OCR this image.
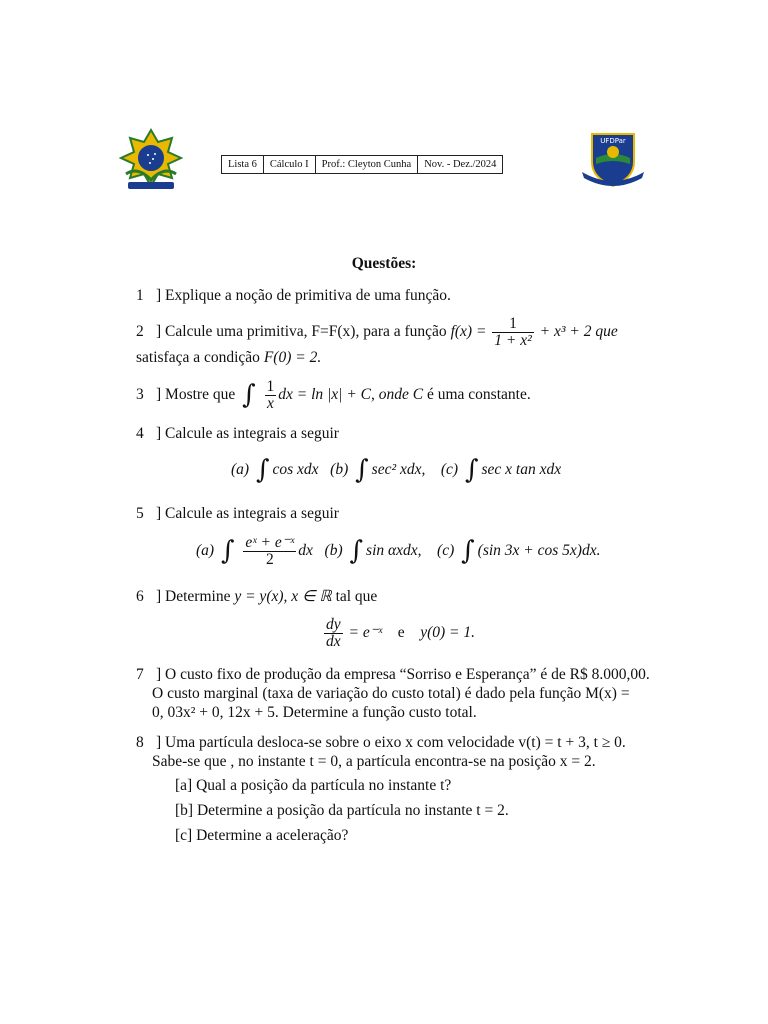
Lista 6	Cálculo I	Prof.: Cleyton Cunha	Nov. - Dez./2024
UFDPar
Questões:
1 ] Explique a noção de primitiva de uma função.
2 ] Calcule uma primitiva, F=F(x), para a função $f(x) = \frac{1}{\text{1 + x²}} + x^3 + 2$ que
satisfaça a condição F(0) = 2.
3 ] Mostre que ∫ $\frac{1}{x}$ dx = ln |x| + C, onde C é uma constante.
4 ] Calcule as integrais a seguir
(a) ∫ cos xdx (b) ∫ sec² xdx, (c) ∫ sec x tan xdx
5 ] Calcule as integrais a seguir
(a) ∫ $\frac{\text{eˣ + e⁻ˣ}}{2}$ dx (b) ∫ sin αxdx, (c) ∫ (sin 3x + cos 5x)dx.
6 ] Determine y = y(x), x ∈ ℝ tal que
$\frac{dy}{dx}$ = e⁻ˣ e y(0) = 1.
7 ] O custo fixo de produção da empresa “Sorriso e Esperança” é de R$ 8.000,00.
O custo marginal (taxa de variação do custo total) é dado pela função M(x) =
0, 03x² + 0, 12x + 5. Determine a função custo total.
8 ] Uma partícula desloca-se sobre o eixo x com velocidade v(t) = t + 3, t ≥ 0.
Sabe-se que , no instante t = 0, a partícula encontra-se na posição x = 2.
[a] Qual a posição da partícula no instante t?
[b] Determine a posição da partícula no instante t = 2.
[c] Determine a aceleração?
